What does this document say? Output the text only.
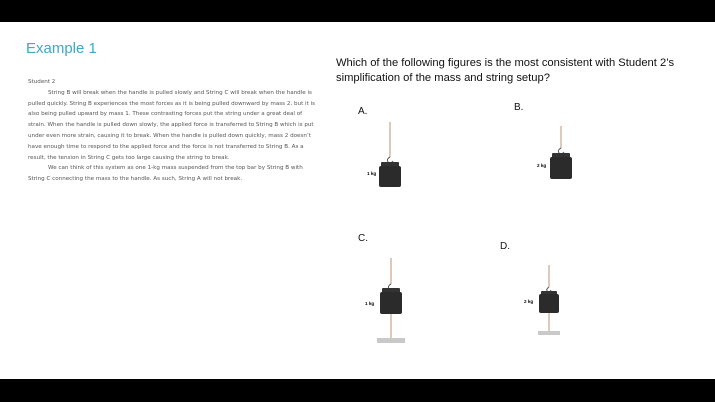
Example 1

Student 2

String B will break when the handle is pulled slowly and String C will break when the handle is pulled quickly. String B experiences the most forces as it is being pulled downward by mass 2, but it is also being pulled upward by mass 1. These contrasting forces put the string under a great deal of strain. When the handle is pulled down slowly, the applied force is transferred to String B which is put under even more strain, causing it to break. When the handle is pulled down quickly, mass 2 doesn’t have enough time to respond to the applied force and the force is not transferred to String B. As a result, the tension in String C gets too large causing the string to break.

We can think of this system as one 1-kg mass suspended from the top bar by String B with String C connecting the mass to the handle. As such, String A will not break.

Which of the following figures is the most consistent with Student 2’s simplification of the mass and string setup?
A.
1 kg
B.
2 kg
C.
1 kg
D.
2 kg
